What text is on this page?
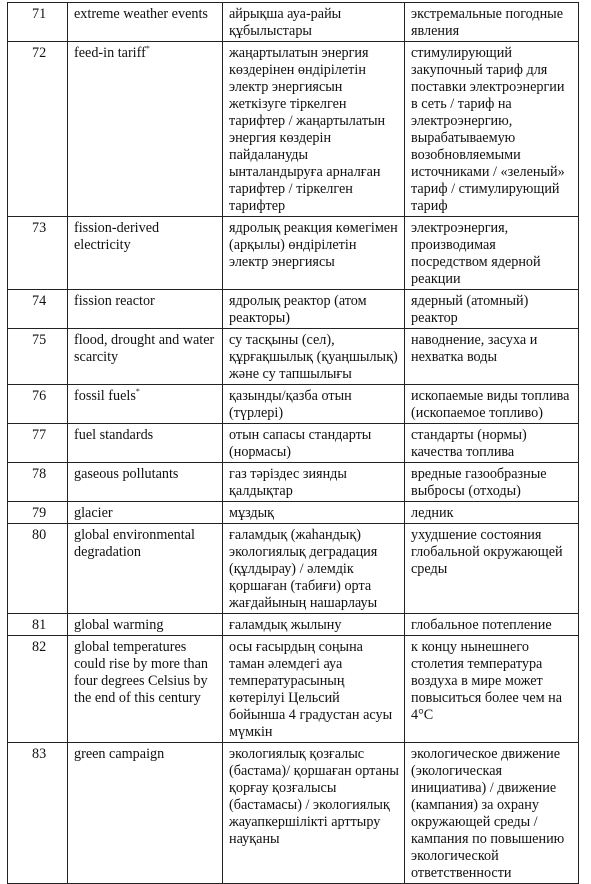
71	extreme weather events	айрықша ауа-райы құбылыстары	экстремальные погодные явления
72	feed-in tariff*	жаңартылатын энергия көздерінен өндірілетін электр энергиясын жеткізуге тіркелген тарифтер / жаңартылатын энергия көздерін пайдалануды ынталандыруға арналған тарифтер / тіркелген тарифтер	стимулирующий закупочный тариф для поставки электроэнергии в сеть / тариф на электроэнергию, вырабатываемую возобновляемыми источниками / «зеленый» тариф / стимулирующий тариф
73	fission-derived electricity	ядролық реакция көмегімен (арқылы) өндірілетін электр энергиясы	электроэнергия, производимая посредством ядерной реакции
74	fission reactor	ядролық реактор (атом реакторы)	ядерный (атомный) реактор
75	flood, drought and water scarcity	су тасқыны (сел), құрғақшылық (қуаңшылық) және су тапшылығы	наводнение, засуха и нехватка воды
76	fossil fuels*	қазынды/қазба отын (түрлері)	ископаемые виды топлива (ископаемое топливо)
77	fuel standards	отын сапасы стандарты (нормасы)	стандарты (нормы) качества топлива
78	gaseous pollutants	газ тәріздес зиянды қалдықтар	вредные газообразные выбросы (отходы)
79	glacier	мұздық	ледник
80	global environmental degradation	ғаламдық (жаһандық) экологиялық деградация (құлдырау) / әлемдік қоршаған (табиғи) орта жағдайының нашарлауы	ухудшение состояния глобальной окружающей среды
81	global warming	ғаламдық жылыну	глобальное потепление
82	global temperatures could rise by more than four degrees Celsius by the end of this century	осы ғасырдың соңына таман әлемдегі ауа температурасының көтерілуі Цельсий бойынша 4 градустан асуы мүмкін	к концу нынешнего столетия температура воздуха в мире может повыситься более чем на 4°C
83	green campaign	экологиялық қозғалыс (бастама)/ қоршаған ортаны қорғау қозғалысы (бастамасы) / экологиялық жауапкершілікті арттыру науқаны	экологическое движение (экологическая инициатива) / движение (кампания) за охрану окружающей среды / кампания по повышению экологической ответственности
